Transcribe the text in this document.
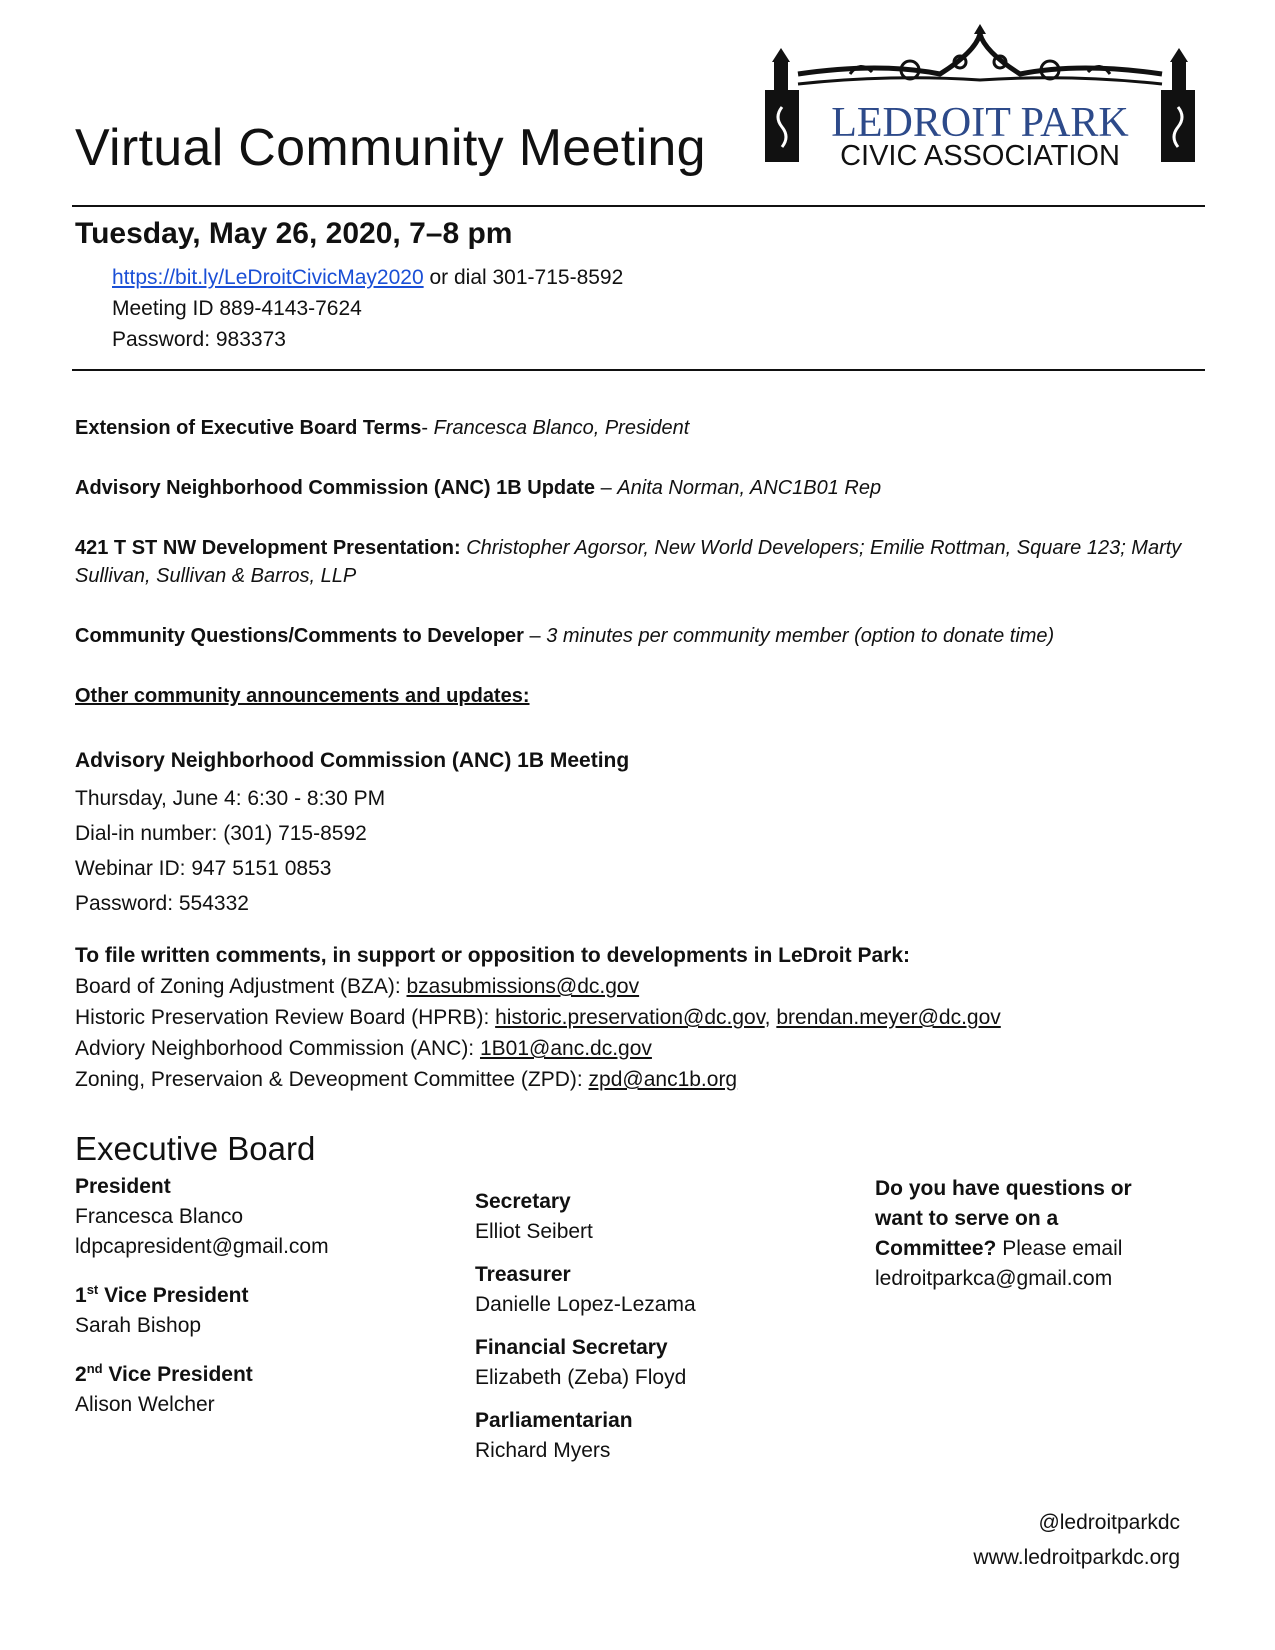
Virtual Community Meeting	LEDROIT PARK
CIVIC ASSOCIATION
Tuesday, May 26, 2020, 7–8 pm
https://bit.ly/LeDroitCivicMay2020 or dial 301-715-8592
Meeting ID 889-4143-7624
Password: 983373
Extension of Executive Board Terms- Francesca Blanco, President
Advisory Neighborhood Commission (ANC) 1B Update – Anita Norman, ANC1B01 Rep
421 T ST NW Development Presentation: Christopher Agorsor, New World Developers; Emilie Rottman, Square 123; Marty Sullivan, Sullivan & Barros, LLP
Community Questions/Comments to Developer – 3 minutes per community member (option to donate time)
Other community announcements and updates:
Advisory Neighborhood Commission (ANC) 1B Meeting
Thursday, June 4: 6:30 - 8:30 PM
Dial-in number: (301) 715-8592
Webinar ID: 947 5151 0853
Password: 554332
To file written comments, in support or opposition to developments in LeDroit Park:
Board of Zoning Adjustment (BZA): bzasubmissions@dc.gov
Historic Preservation Review Board (HPRB): historic.preservation@dc.gov, brendan.meyer@dc.gov
Adviory Neighborhood Commission (ANC): 1B01@anc.dc.gov
Zoning, Preservaion & Deveopment Committee (ZPD): zpd@anc1b.org
Executive Board
President
Francesca Blanco
ldpcapresident@gmail.com
1st Vice President
Sarah Bishop
2nd Vice President
Alison Welcher
Secretary
Elliot Seibert
Treasurer
Danielle Lopez-Lezama
Financial Secretary
Elizabeth (Zeba) Floyd
Parliamentarian
Richard Myers
Do you have questions or
want to serve on a
Committee? Please email
ledroitparkca@gmail.com
@ledroitparkdc
www.ledroitparkdc.org
